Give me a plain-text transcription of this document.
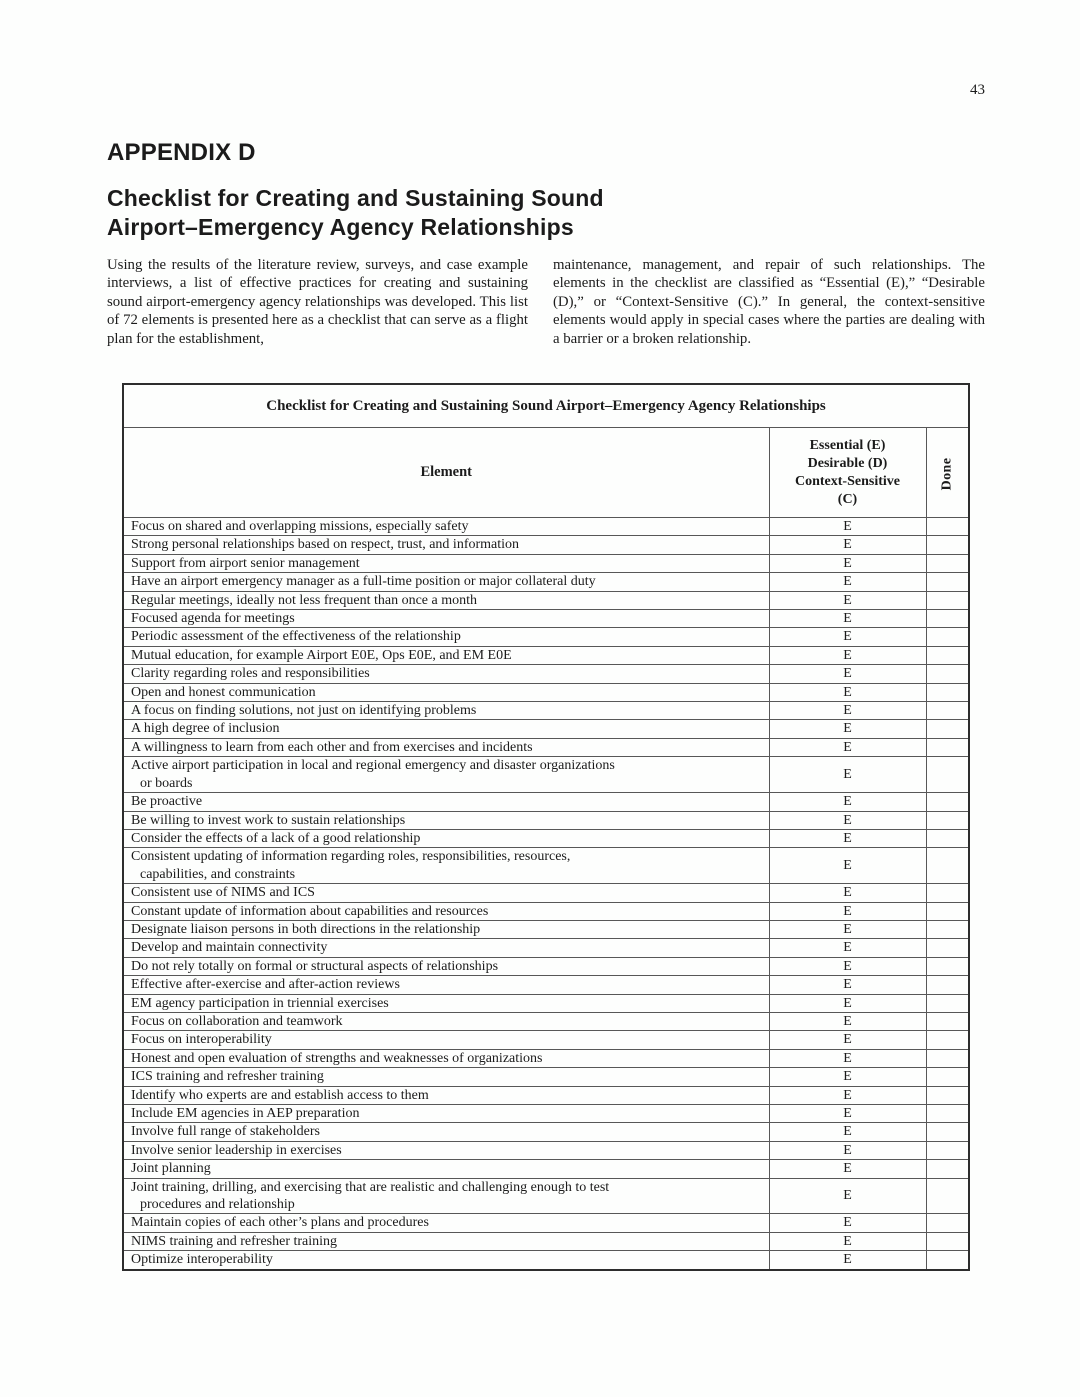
43
APPENDIX D
Checklist for Creating and Sustaining Sound
Airport–Emergency Agency Relationships

Using the results of the literature review, surveys, and case example interviews, a list of effective practices for creating and sustaining sound airport-emergency agency relationships was developed. This list of 72 elements is presented here as a checklist that can serve as a flight plan for the establishment,

maintenance, management, and repair of such relationships. The elements in the checklist are classified as “Essential (E),” “Desirable (D),” or “Context-Sensitive (C).” In general, the context-sensitive elements would apply in special cases where the parties are dealing with a barrier or a broken relationship.

Checklist for Creating and Sustaining Sound Airport–Emergency Agency Relationships		
Element	Essential (E)
Desirable (D)
Context-Sensitive
(C)	Done

Focus on shared and overlapping missions, especially safety	E	

Strong personal relationships based on respect, trust, and information	E	

Support from airport senior management	E	

Have an airport emergency manager as a full-time position or major collateral duty	E	

Regular meetings, ideally not less frequent than once a month	E	

Focused agenda for meetings	E	

Periodic assessment of the effectiveness of the relationship	E	

Mutual education, for example Airport E0E, Ops E0E, and EM E0E	E	

Clarity regarding roles and responsibilities	E	

Open and honest communication	E	

A focus on finding solutions, not just on identifying problems	E	

A high degree of inclusion	E	

A willingness to learn from each other and from exercises and incidents	E	

Active airport participation in local and regional emergency and disaster organizations
or boards	E	

Be proactive	E	

Be willing to invest work to sustain relationships	E	

Consider the effects of a lack of a good relationship	E	

Consistent updating of information regarding roles, responsibilities, resources,
capabilities, and constraints	E	

Consistent use of NIMS and ICS	E	

Constant update of information about capabilities and resources	E	

Designate liaison persons in both directions in the relationship	E	

Develop and maintain connectivity	E	

Do not rely totally on formal or structural aspects of relationships	E	

Effective after-exercise and after-action reviews	E	

EM agency participation in triennial exercises	E	

Focus on collaboration and teamwork	E	

Focus on interoperability	E	

Honest and open evaluation of strengths and weaknesses of organizations	E	

ICS training and refresher training	E	

Identify who experts are and establish access to them	E	

Include EM agencies in AEP preparation	E	

Involve full range of stakeholders	E	

Involve senior leadership in exercises	E	

Joint planning	E	

Joint training, drilling, and exercising that are realistic and challenging enough to test
procedures and relationship	E	

Maintain copies of each other’s plans and procedures	E	

NIMS training and refresher training	E	

Optimize interoperability	E	
